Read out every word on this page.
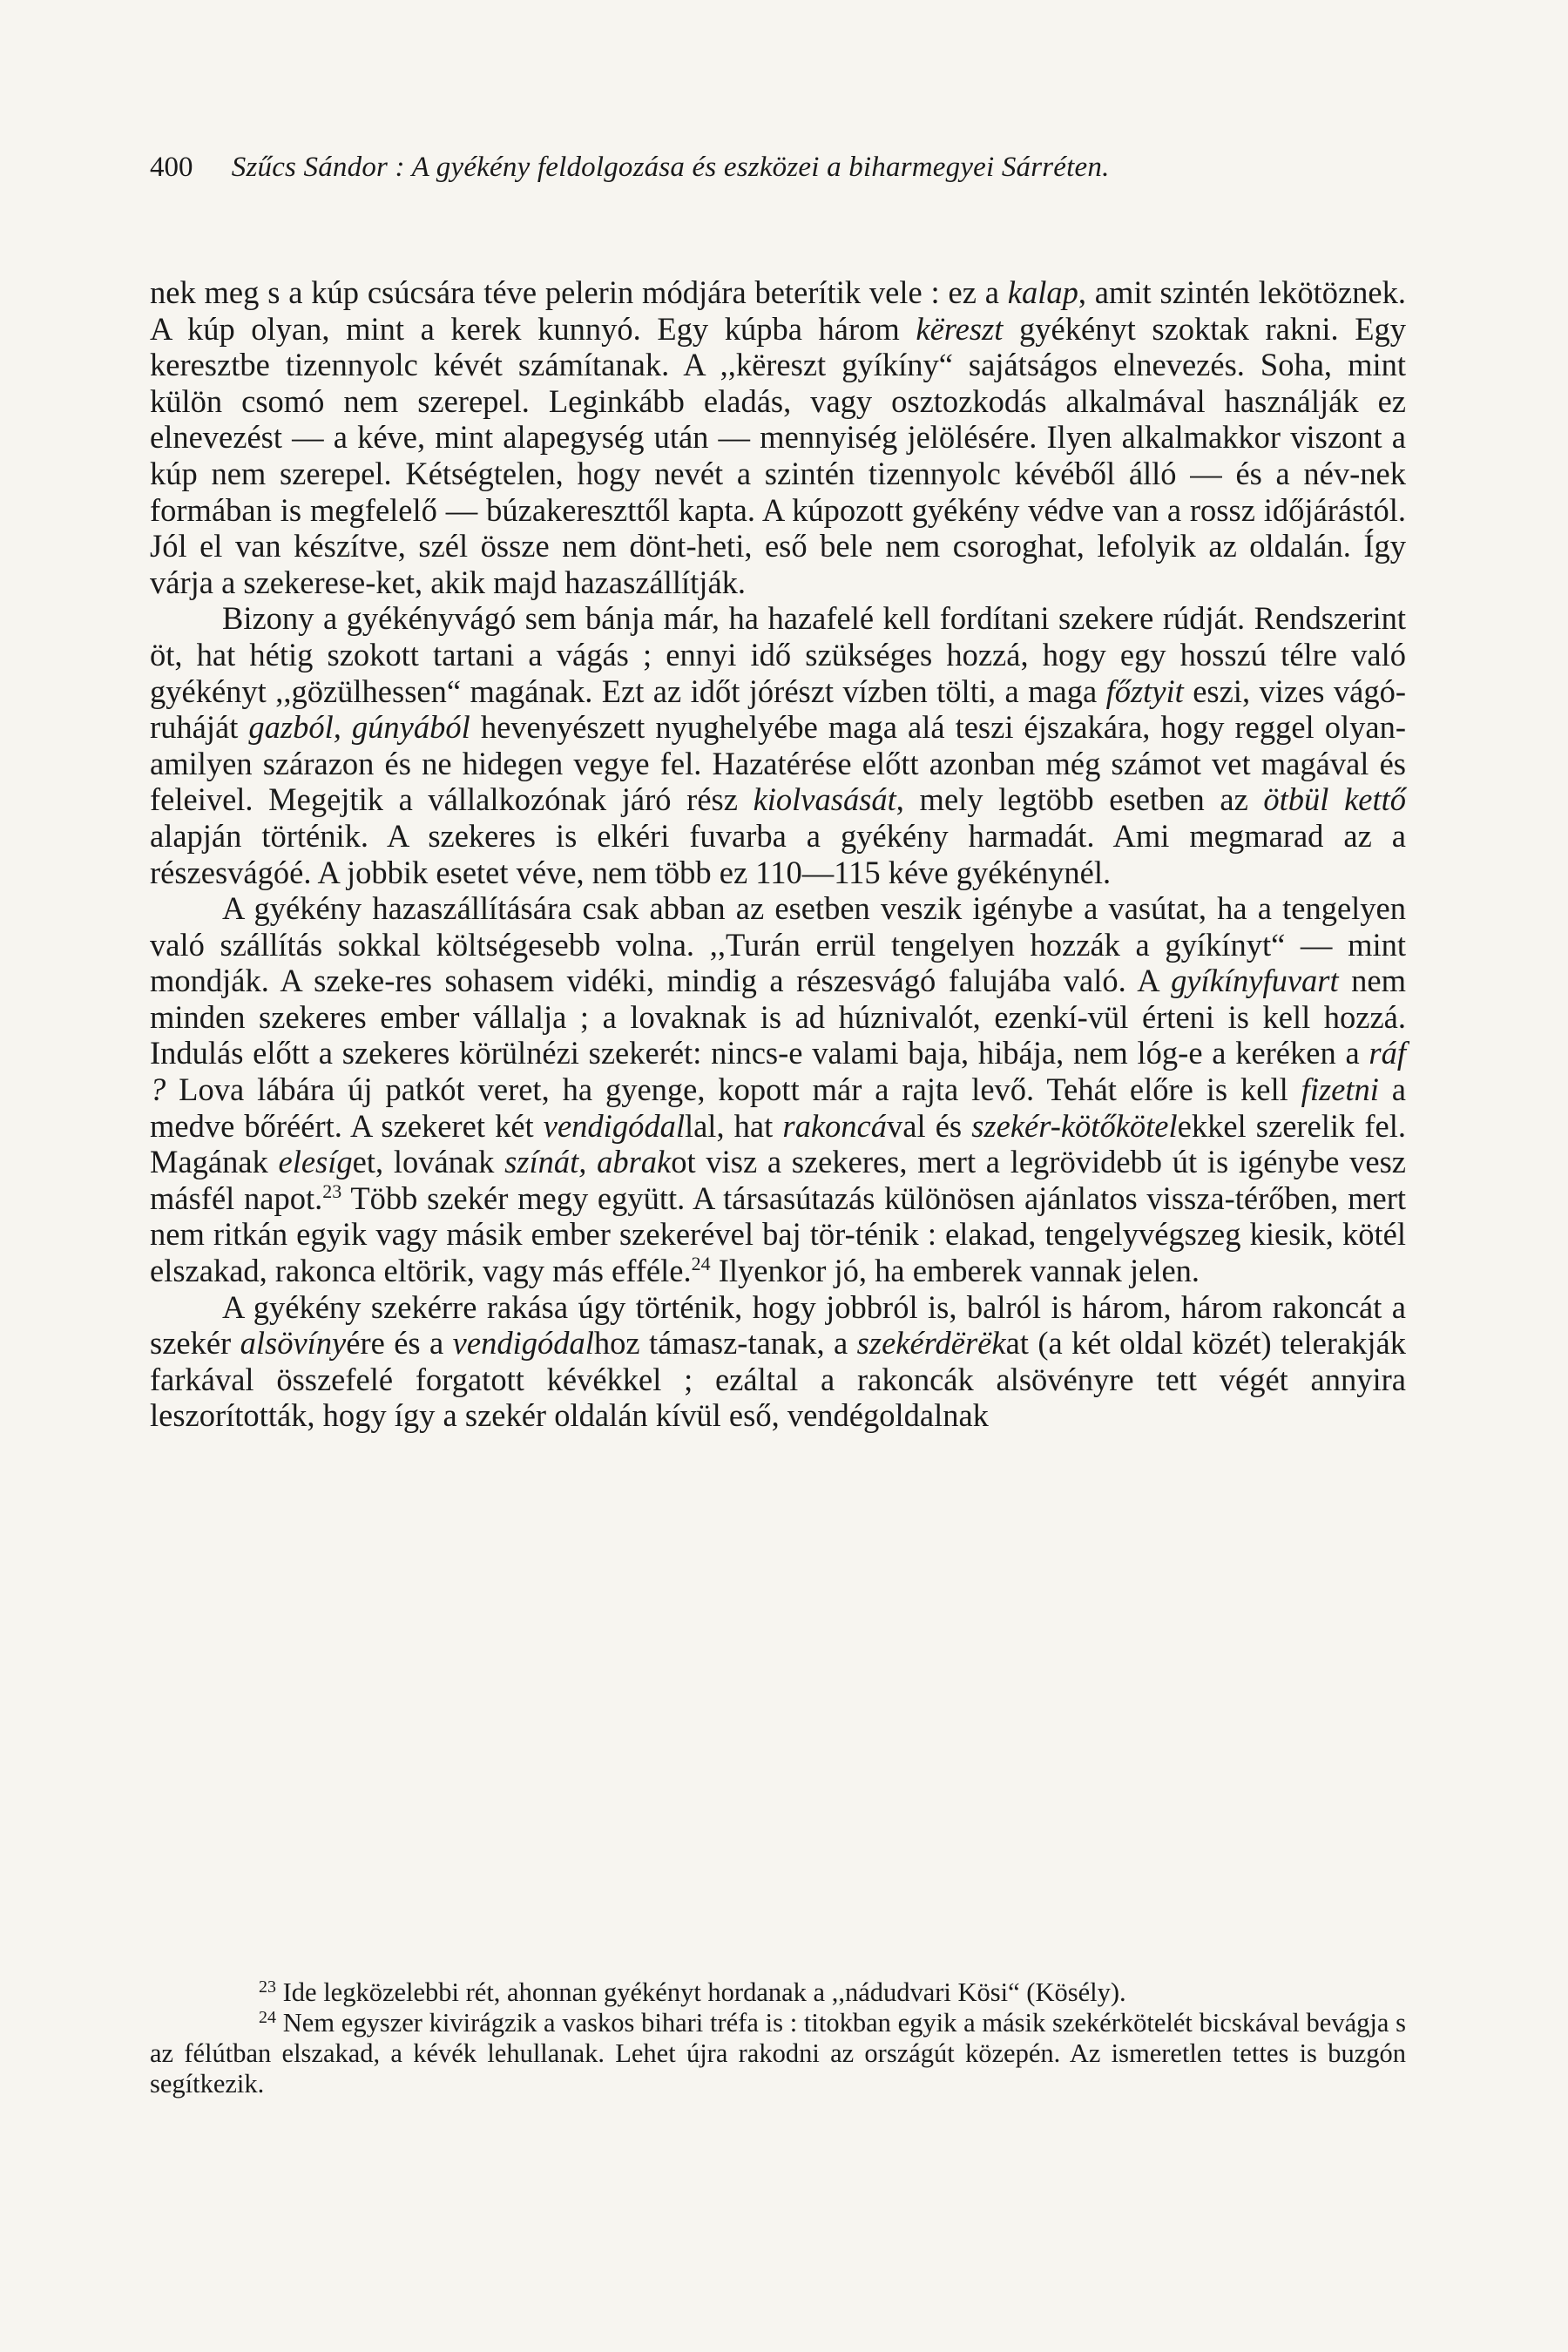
400 Szűcs Sándor : A gyékény feldolgozása és eszközei a biharmegyei Sárréten.

nek meg s a kúp csúcsára téve pelerin módjára beterítik vele : ez a kalap, amit szintén lekötöznek. A kúp olyan, mint a kerek kunnyó. Egy kúpba három këreszt gyékényt szoktak rakni. Egy keresztbe tizennyolc kévét számítanak. A ,,këreszt gyíkíny“ sajátságos elnevezés. Soha, mint külön csomó nem szerepel. Leginkább eladás, vagy osztozkodás alkalmával használják ez elnevezést — a kéve, mint alapegység után — mennyiség jelölésére. Ilyen alkalmakkor viszont a kúp nem szerepel. Kétségtelen, hogy nevét a szintén tizennyolc kévéből álló — és a név-nek formában is megfelelő — búzakereszttől kapta. A kúpozott gyékény védve van a rossz időjárástól. Jól el van készítve, szél össze nem dönt-heti, eső bele nem csoroghat, lefolyik az oldalán. Így várja a szekerese-ket, akik majd hazaszállítják.

Bizony a gyékényvágó sem bánja már, ha hazafelé kell fordítani szekere rúdját. Rendszerint öt, hat hétig szokott tartani a vágás ; ennyi idő szükséges hozzá, hogy egy hosszú télre való gyékényt ,,gözülhessen“ magának. Ezt az időt jórészt vízben tölti, a maga főztyit eszi, vizes vágó-ruháját gazból, gúnyából hevenyészett nyughelyébe maga alá teszi éjszakára, hogy reggel olyan-amilyen szárazon és ne hidegen vegye fel. Hazatérése előtt azonban még számot vet magával és feleivel. Megejtik a vállalkozónak járó rész kiolvasását, mely legtöbb esetben az ötbül kettő alapján történik. A szekeres is elkéri fuvarba a gyékény harmadát. Ami megmarad az a részesvágóé. A jobbik esetet véve, nem több ez 110—115 kéve gyékénynél.

A gyékény hazaszállítására csak abban az esetben veszik igénybe a vasútat, ha a tengelyen való szállítás sokkal költségesebb volna. ,,Turán errül tengelyen hozzák a gyíkínyt“ — mint mondják. A szeke-res sohasem vidéki, mindig a részesvágó falujába való. A gyíkínyfuvart nem minden szekeres ember vállalja ; a lovaknak is ad húznivalót, ezenkí-vül érteni is kell hozzá. Indulás előtt a szekeres körülnézi szekerét: nincs-e valami baja, hibája, nem lóg-e a keréken a ráf ? Lova lábára új patkót veret, ha gyenge, kopott már a rajta levő. Tehát előre is kell fizetni a medve bőréért. A szekeret két vendigódallal, hat rakoncával és szekér-kötőkötelekkel szerelik fel. Magának elesíget, lovának színát, abrakot visz a szekeres, mert a legrövidebb út is igénybe vesz másfél napot.$^{23}$ Több szekér megy együtt. A társasútazás különösen ajánlatos vissza-térőben, mert nem ritkán egyik vagy másik ember szekerével baj tör-ténik : elakad, tengelyvégszeg kiesik, kötél elszakad, rakonca eltörik, vagy más efféle.$^{24}$ Ilyenkor jó, ha emberek vannak jelen.

A gyékény szekérre rakása úgy történik, hogy jobbról is, balról is három, három rakoncát a szekér alsövínyére és a vendigódalhoz támasz-tanak, a szekérdërëkat (a két oldal közét) telerakják farkával összefelé forgatott kévékkel ; ezáltal a rakoncák alsövényre tett végét annyira leszorították, hogy így a szekér oldalán kívül eső, vendégoldalnak

$^{23}$ Ide legközelebbi rét, ahonnan gyékényt hordanak a ,,nádudvari Kösi“ (Kösély).

$^{24}$ Nem egyszer kivirágzik a vaskos bihari tréfa is : titokban egyik a másik szekérkötelét bicskával bevágja s az félútban elszakad, a kévék lehullanak. Lehet újra rakodni az országút közepén. Az ismeretlen tettes is buzgón segítkezik.
